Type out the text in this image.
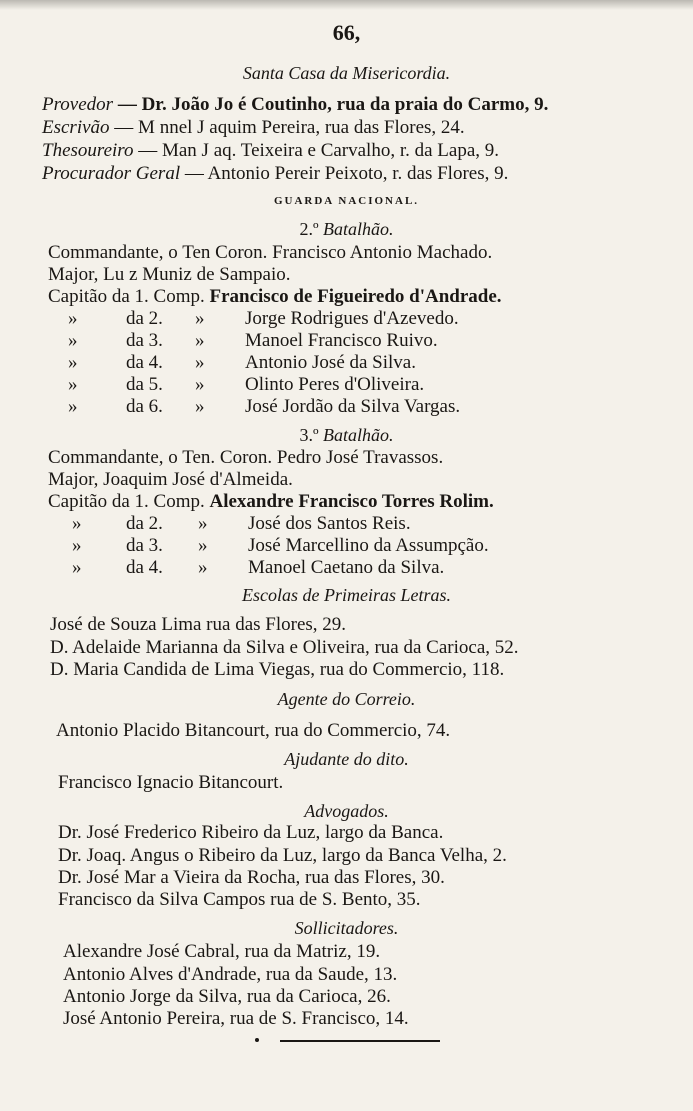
66,
Santa Casa da Misericordia.
Provedor — Dr. João Jo é Coutinho, rua da praia do Carmo, 9.
Escrivão — M nnel J aquim Pereira, rua das Flores, 24.
Thesoureiro — Man J aq. Teixeira e Carvalho, r. da Lapa, 9.
Procurador Geral — Antonio Pereir Peixoto, r. das Flores, 9.
GUARDA NACIONAL.
2.º Batalhão.
Commandante, o Ten Coron. Francisco Antonio Machado.
Major, Lu z Muniz de Sampaio.
Capitão da 1. Comp. Francisco de Figueiredo d'Andrade.
»	da 2. » Jorge Rodrigues d'Azevedo.
»	da 3. » Manoel Francisco Ruivo.
»	da 4. » Antonio José da Silva.
»	da 5. » Olinto Peres d'Oliveira.
»	da 6. » José Jordão da Silva Vargas.
3.º Batalhão.
Commandante, o Ten. Coron. Pedro José Travassos.
Major, Joaquim José d'Almeida.
Capitão da 1. Comp. Alexandre Francisco Torres Rolim.
» da 2. » José dos Santos Reis.
» da 3. » José Marcellino da Assumpção.
» da 4. » Manoel Caetano da Silva.
Escolas de Primeiras Letras.
José de Souza Lima rua das Flores, 29.
D. Adelaide Marianna da Silva e Oliveira, rua da Carioca, 52.
D. Maria Candida de Lima Viegas, rua do Commercio, 118.
Agente do Correio.
Antonio Placido Bitancourt, rua do Commercio, 74.
Ajudante do dito.
Francisco Ignacio Bitancourt.
Advogados.
Dr. José Frederico Ribeiro da Luz, largo da Banca.
Dr. Joaq. Angus o Ribeiro da Luz, largo da Banca Velha, 2.
Dr. José Mar a Vieira da Rocha, rua das Flores, 30.
Francisco da Silva Campos rua de S. Bento, 35.
Sollicitadores.
Alexandre José Cabral, rua da Matriz, 19.
Antonio Alves d'Andrade, rua da Saude, 13.
Antonio Jorge da Silva, rua da Carioca, 26.
José Antonio Pereira, rua de S. Francisco, 14.
